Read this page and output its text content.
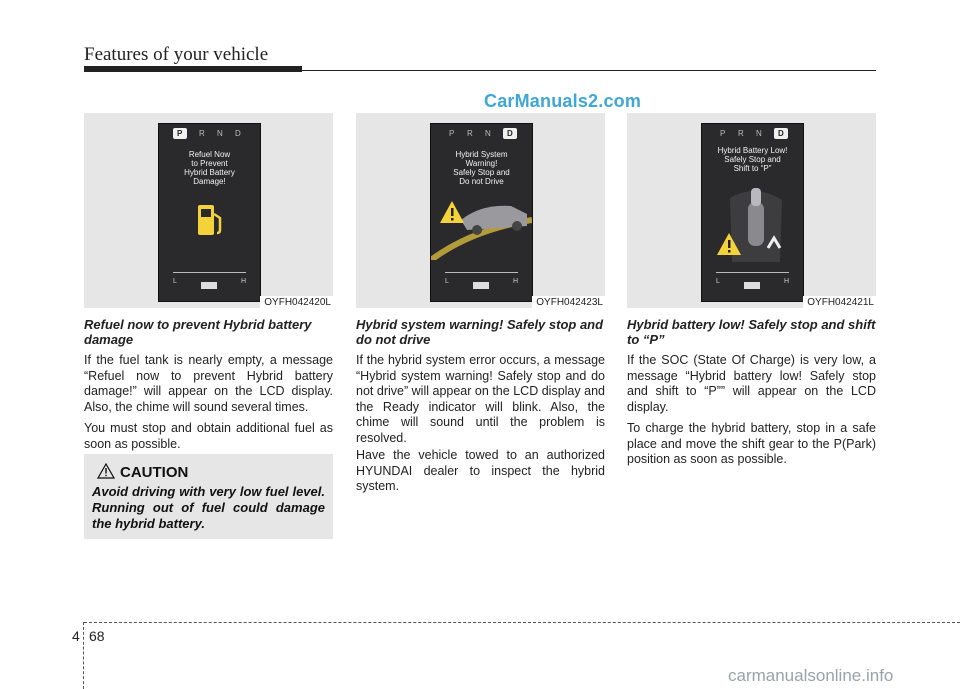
Features of your vehicle
CarManuals2.com
P R N D
Refuel Now
to Prevent
Hybrid Battery
Damage!
L	H
OYFH042420L
Refuel now to prevent Hybrid battery damage
If the fuel tank is nearly empty, a message “Refuel now to prevent Hybrid battery damage!” will appear on the LCD display. Also, the chime will sound several times.
You must stop and obtain additional fuel as soon as possible.
P R N D
Hybrid System
Warning!
Safely Stop and
Do not Drive
L	H
OYFH042423L
Hybrid system warning! Safely stop and do not drive
If the hybrid system error occurs, a message “Hybrid system warning! Safely stop and do not drive” will appear on the LCD display and the Ready indicator will blink. Also, the chime will sound until the problem is resolved.
Have the vehicle towed to an authorized HYUNDAI dealer to inspect the hybrid system.
P R N D
Hybrid Battery Low!
Safely Stop and
Shift to “P”
L	H
OYFH042421L
Hybrid battery low! Safely stop and shift to “P”
If the SOC (State Of Charge) is very low, a message “Hybrid battery low! Safely stop and shift to “P”” will appear on the LCD display.
To charge the hybrid battery, stop in a safe place and move the shift gear to the P(Park) position as soon as possible.
CAUTION
Avoid driving with very low fuel level. Running out of fuel could damage the hybrid battery.
4 68
carmanualsonline.info
